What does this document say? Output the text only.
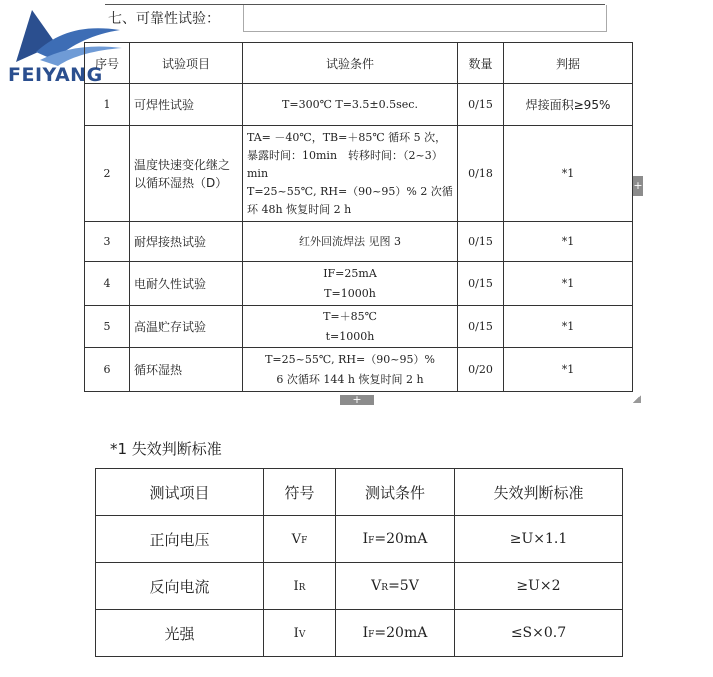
FEIYANG
七、可靠性试验：
序号	试验项目	试验条件	数量	判据
1	可焊性试验	T=300℃ T=3.5±0.5sec.	0/15	焊接面积≥95%
2	温度快速变化继之以循环湿热（D）	TA= －40℃，TB=＋85℃ 循环 5 次，
暴露时间：10min　转移时间：（2~3）
min
T=25~55℃, RH=（90~95）% 2 次循
环 48h 恢复时间 2 h	0/18	*1
3	耐焊接热试验	红外回流焊法 见图 3	0/15	*1
4	电耐久性试验	IF=25mA
T=1000h	0/15	*1
5	高温贮存试验	T=＋85℃
t=1000h	0/15	*1
6	循环湿热	T=25~55℃, RH=（90~95）%
6 次循环 144 h 恢复时间 2 h	0/20	*1
+
+
*1 失效判断标准
测试项目	符号	测试条件	失效判断标准
正向电压	VF	IF=20mA	≥U×1.1
反向电流	IR	VR=5V	≥U×2
光强	IV	IF=20mA	≤S×0.7
